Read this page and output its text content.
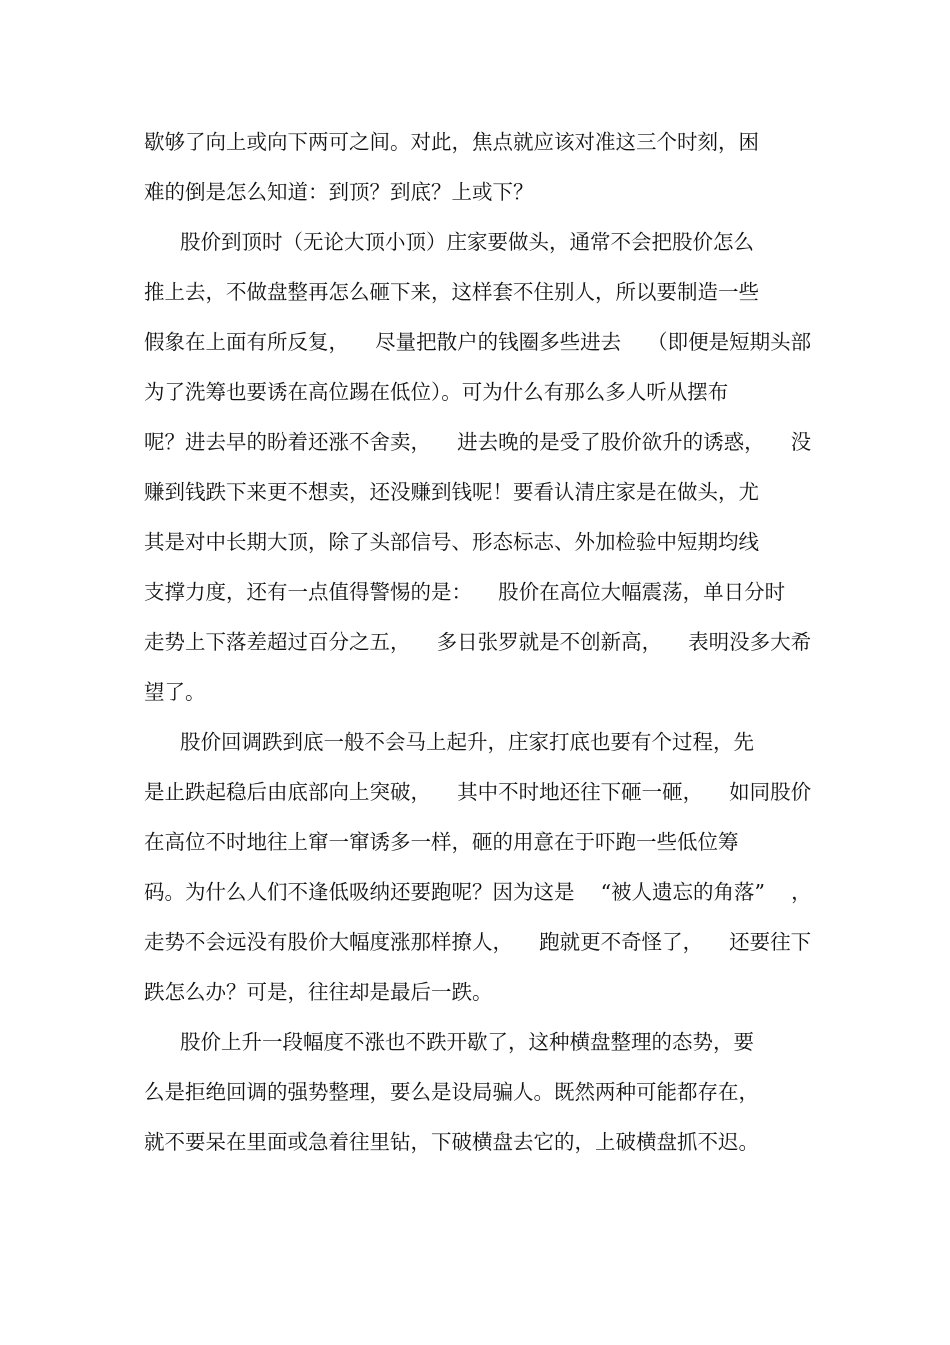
歇够了向上或向下两可之间。对此，焦点就应该对准这三个时刻，困
难的倒是怎么知道：到顶？到底？上或下？
股价到顶时（无论大顶小顶）庄家要做头，通常不会把股价怎么
推上去，不做盘整再怎么砸下来，这样套不住别人，所以要制造一些
假象在上面有所反复，    尽量把散户的钱圈多些进去    （即便是短期头部
为了洗筹也要诱在高位踢在低位）。可为什么有那么多人听从摆布
呢？进去早的盼着还涨不舍卖，    进去晚的是受了股价欲升的诱惑，    没
赚到钱跌下来更不想卖，还没赚到钱呢！要看认清庄家是在做头，尤
其是对中长期大顶，除了头部信号、形态标志、外加检验中短期均线
支撑力度，还有一点值得警惕的是：    股价在高位大幅震荡，单日分时
走势上下落差超过百分之五，    多日张罗就是不创新高，    表明没多大希
望了。
股价回调跌到底一般不会马上起升，庄家打底也要有个过程，先
是止跌起稳后由底部向上突破，    其中不时地还往下砸一砸，    如同股价
在高位不时地往上窜一窜诱多一样，砸的用意在于吓跑一些低位筹
码。为什么人们不逢低吸纳还要跑呢？因为这是    “被人遗忘的角落”    ，
走势不会远没有股价大幅度涨那样撩人，    跑就更不奇怪了，    还要往下
跌怎么办？可是，往往却是最后一跌。
股价上升一段幅度不涨也不跌开歇了，这种横盘整理的态势，要
么是拒绝回调的强势整理，要么是设局骗人。既然两种可能都存在，
就不要呆在里面或急着往里钻，下破横盘去它的，上破横盘抓不迟。
